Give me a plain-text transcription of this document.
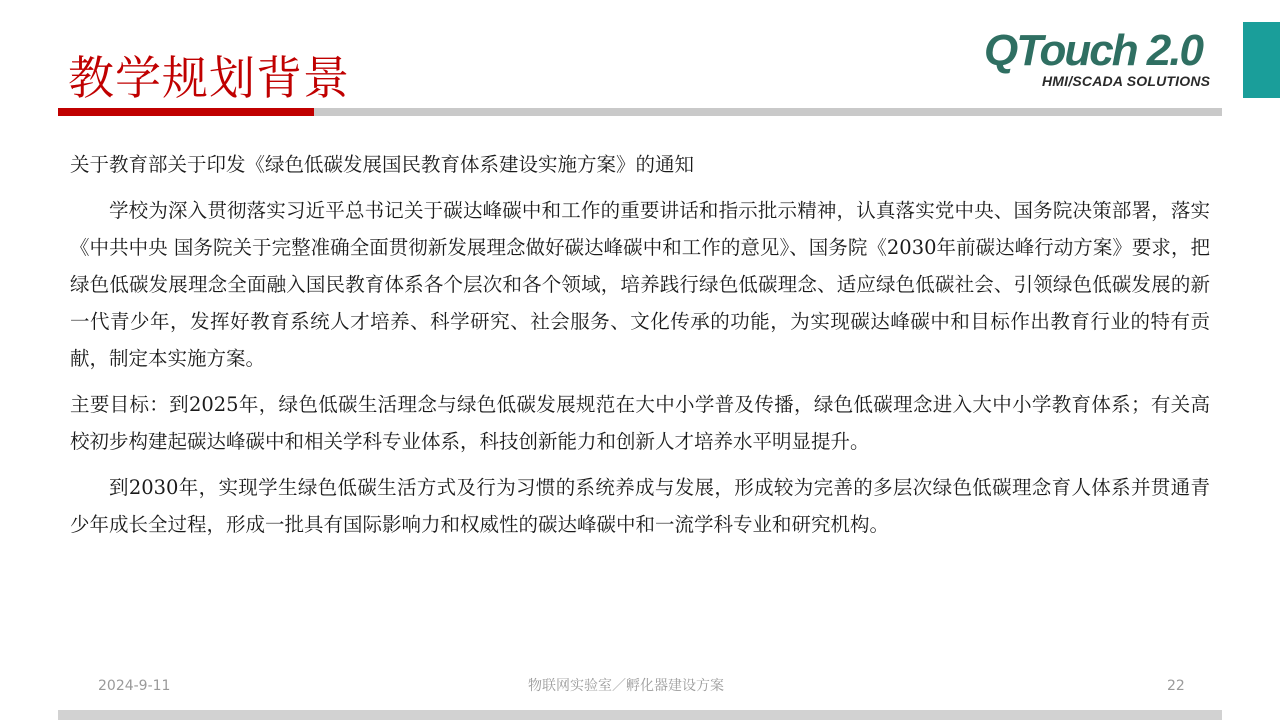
教学规划背景
QTouch 2.0
HMI/SCADA SOLUTIONS

关于教育部关于印发《绿色低碳发展国民教育体系建设实施方案》的通知

学校为深入贯彻落实习近平总书记关于碳达峰碳中和工作的重要讲话和指示批示精神，认真落实党中央、国务院决策部署，落实《中共中央 国务院关于完整准确全面贯彻新发展理念做好碳达峰碳中和工作的意见》、国务院《2030年前碳达峰行动方案》要求，把绿色低碳发展理念全面融入国民教育体系各个层次和各个领域，培养践行绿色低碳理念、适应绿色低碳社会、引领绿色低碳发展的新一代青少年，发挥好教育系统人才培养、科学研究、社会服务、文化传承的功能，为实现碳达峰碳中和目标作出教育行业的特有贡献，制定本实施方案。

主要目标：到2025年，绿色低碳生活理念与绿色低碳发展规范在大中小学普及传播，绿色低碳理念进入大中小学教育体系；有关高校初步构建起碳达峰碳中和相关学科专业体系，科技创新能力和创新人才培养水平明显提升。

到2030年，实现学生绿色低碳生活方式及行为习惯的系统养成与发展，形成较为完善的多层次绿色低碳理念育人体系并贯通青少年成长全过程，形成一批具有国际影响力和权威性的碳达峰碳中和一流学科专业和研究机构。

2024-9-11	物联网实验室／孵化器建设方案	22
